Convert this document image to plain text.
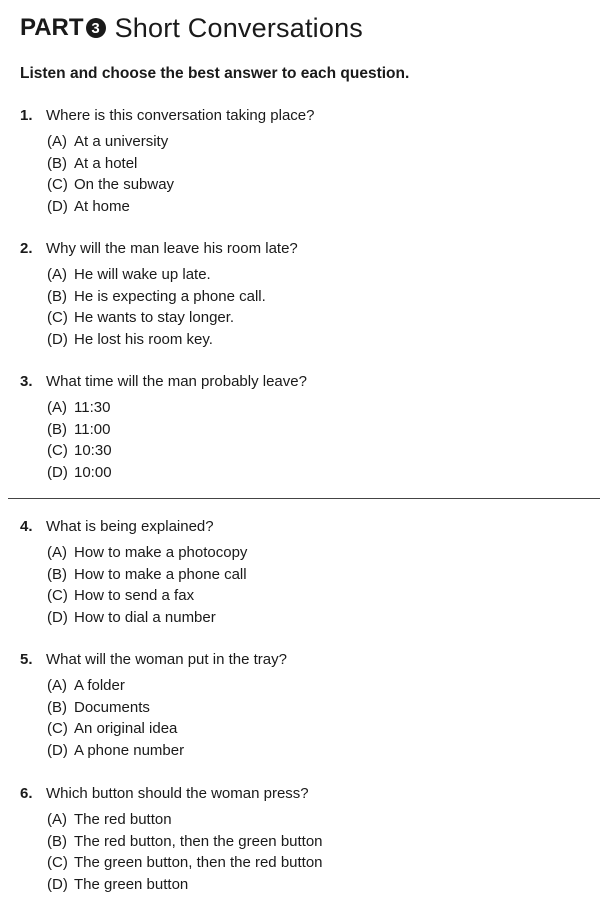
PART 3 Short Conversations
Listen and choose the best answer to each question.
1. Where is this conversation taking place?
(A) At a university
(B) At a hotel
(C) On the subway
(D) At home
2. Why will the man leave his room late?
(A) He will wake up late.
(B) He is expecting a phone call.
(C) He wants to stay longer.
(D) He lost his room key.
3. What time will the man probably leave?
(A) 11:30
(B) 11:00
(C) 10:30
(D) 10:00
4. What is being explained?
(A) How to make a photocopy
(B) How to make a phone call
(C) How to send a fax
(D) How to dial a number
5. What will the woman put in the tray?
(A) A folder
(B) Documents
(C) An original idea
(D) A phone number
6. Which button should the woman press?
(A) The red button
(B) The red button, then the green button
(C) The green button, then the red button
(D) The green button
